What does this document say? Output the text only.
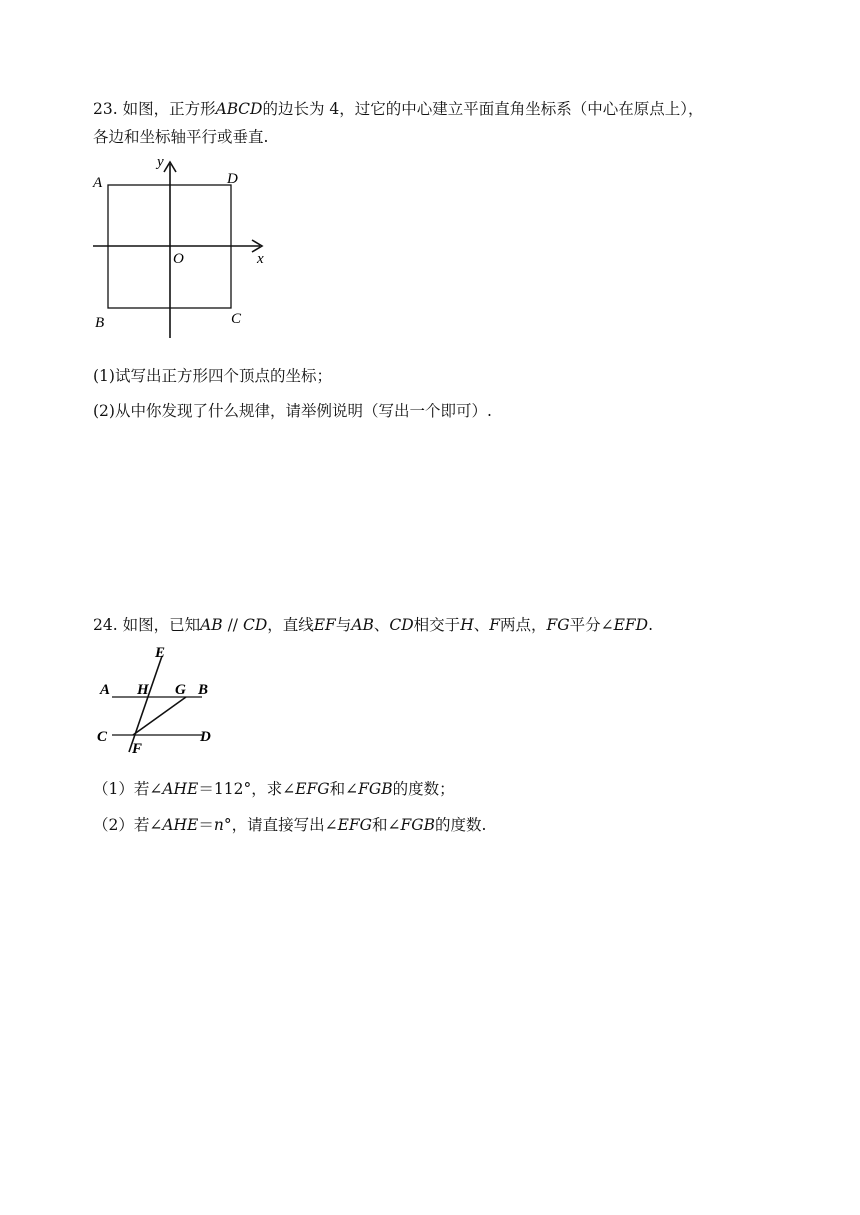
23. 如图，正方形𝐴𝐵𝐶𝐷的边长为 4，过它的中心建立平面直角坐标系（中心在原点上），
各边和坐标轴平行或垂直.
A	D
B	C
O	x
y
(1)试写出正方形四个顶点的坐标；
(2)从中你发现了什么规律，请举例说明（写出一个即可）.
24. 如图，已知𝐴𝐵 // 𝐶𝐷，直线𝐸𝐹与𝐴𝐵、𝐶𝐷相交于𝐻、𝐹两点，𝐹𝐺平分∠𝐸𝐹𝐷.
E
A H G B
C
F
D
（1）若∠𝐴𝐻𝐸＝112°，求∠𝐸𝐹𝐺和∠𝐹𝐺𝐵的度数；
（2）若∠𝐴𝐻𝐸＝𝑛°，请直接写出∠𝐸𝐹𝐺和∠𝐹𝐺𝐵的度数.
